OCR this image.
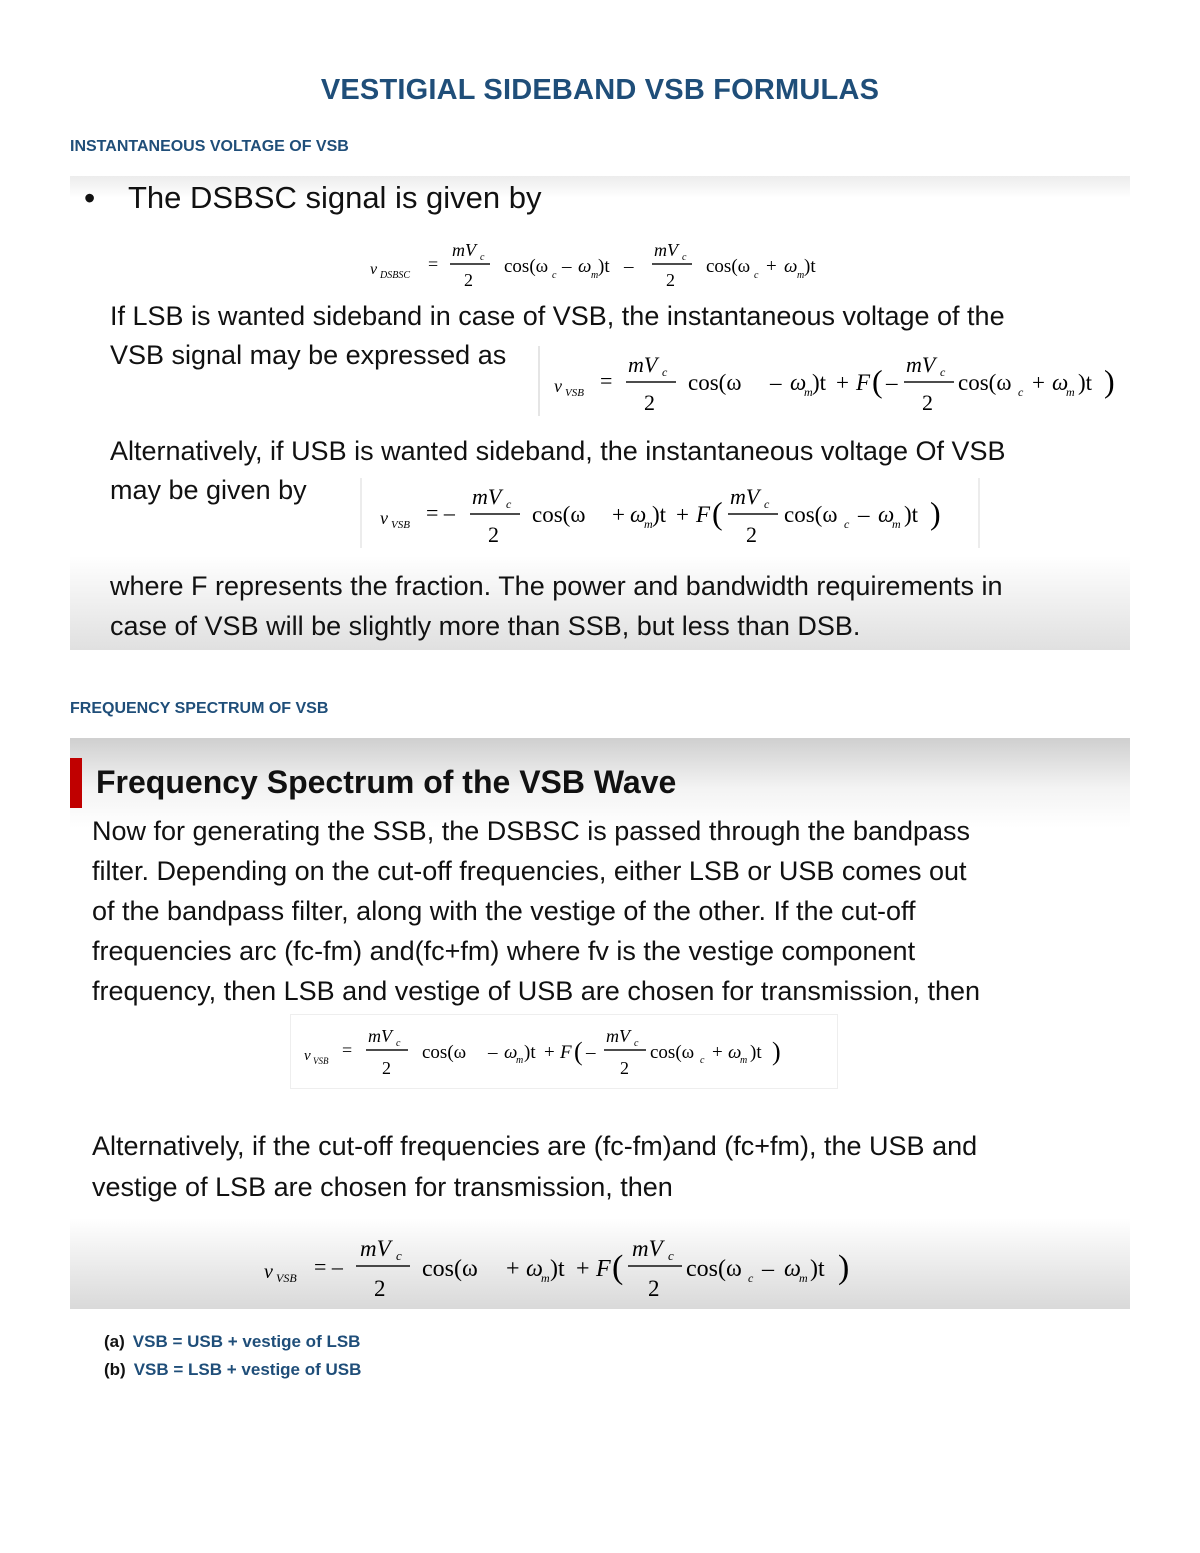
VESTIGIAL SIDEBAND VSB FORMULAS
INSTANTANEOUS VOLTAGE OF VSB
• The DSBSC signal is given by
v DSBSC
=
mV c
2
cos(ω c – ω m )t –
mV c
2
cos(ω c + ω m )t
If LSB is wanted sideband in case of VSB, the instantaneous voltage of the
VSB signal may be expressed as
v VSB =
mV c
2
cos(ω – ω
m )t + F ( –
mV c
2
cos(ω c + ω
m )t )
Alternatively, if USB is wanted sideband, the instantaneous voltage Of VSB
may be given by
v VSB = –
mV c
2
cos(ω + ω
m )t + F ( mV c
2
cos(ω c – ω
m )t )
where F represents the fraction. The power and bandwidth requirements in
case of VSB will be slightly more than SSB, but less than DSB.
FREQUENCY SPECTRUM OF VSB
Frequency Spectrum of the VSB Wave
Now for generating the SSB, the DSBSC is passed through the bandpass
filter. Depending on the cut-off frequencies, either LSB or USB comes out
of the bandpass filter, along with the vestige of the other. If the cut-off
frequencies arc (fc-fm) and(fc+fm) where fv is the vestige component
frequency, then LSB and vestige of USB are chosen for transmission, then
v VSB
=
mV c
2
cos(ω – ω
m )t + F ( –
mV c
2
cos(ω c + ω
m )t )
Alternatively, if the cut-off frequencies are (fc-fm)and (fc+fm), the USB and
vestige of LSB are chosen for transmission, then
v VSB = –
mV c
2
cos(ω + ω
m )t + F (
mV c
2
cos(ω c – ω
m )t )
(a) VSB = USB + vestige of LSB
(b) VSB = LSB + vestige of USB
